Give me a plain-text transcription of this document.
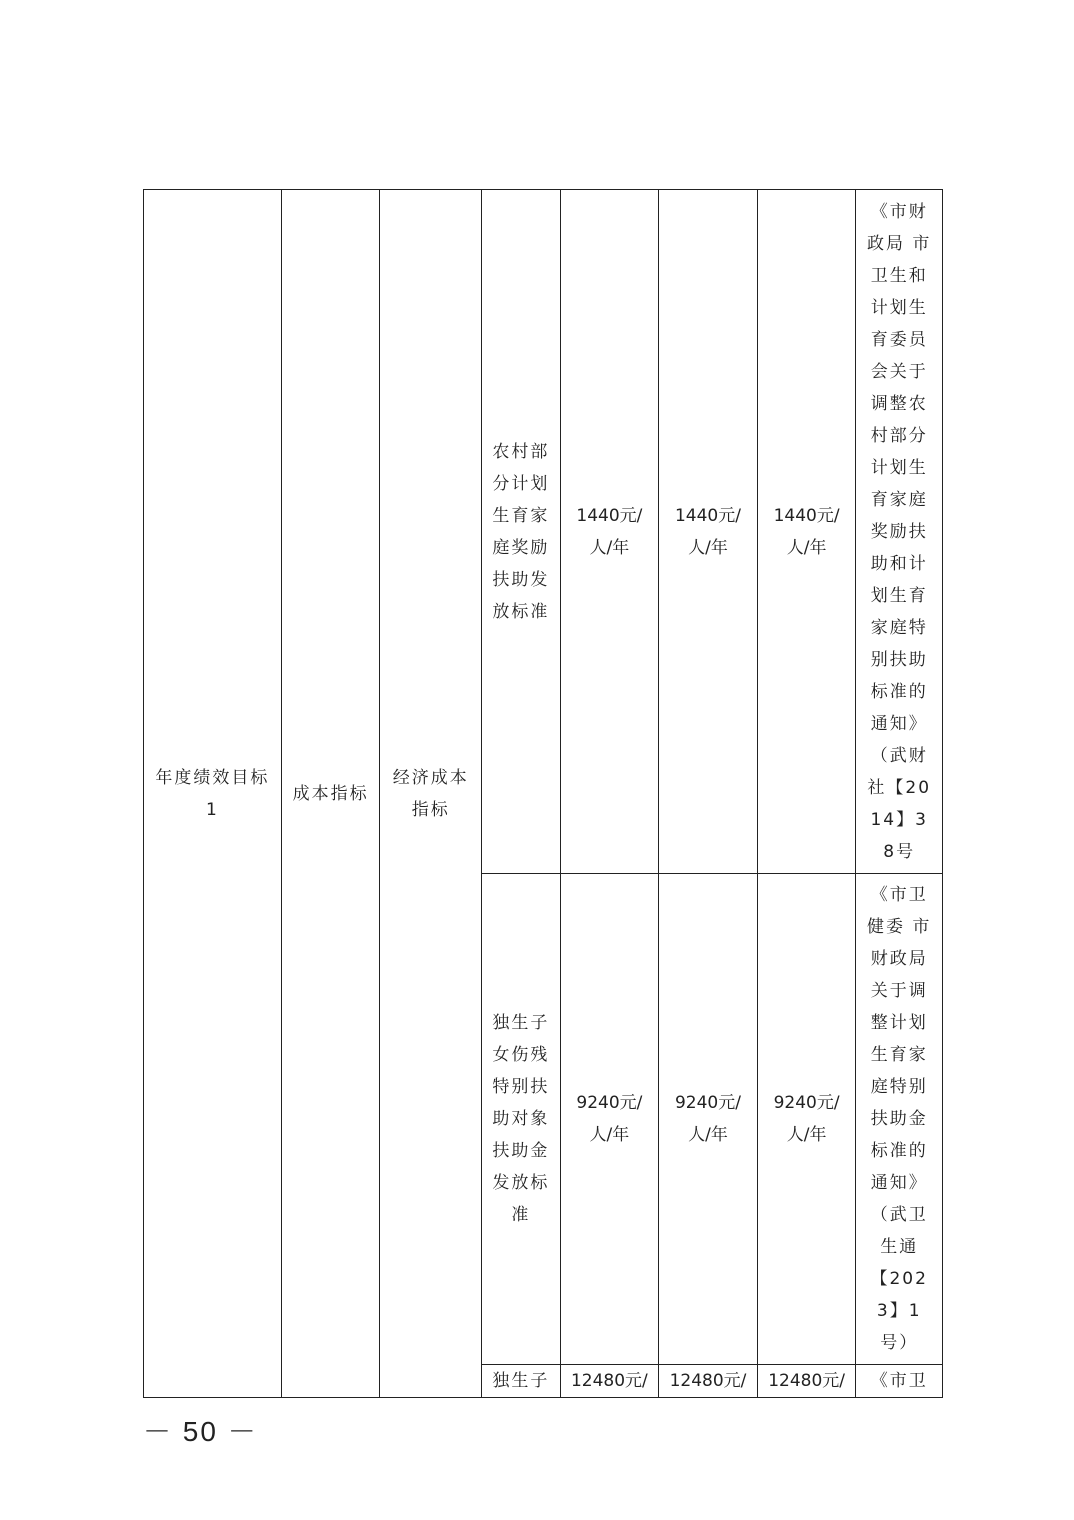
年度绩效目标1	成本指标	经济成本指标	农村部分计划生育家庭奖励扶助发放标准	1440元/人/年	1440元/人/年	1440元/人/年	《市财政局 市卫生和计划生育委员会关于调整农村部分计划生育家庭奖励扶助和计划生育家庭特别扶助标准的通知》（武财社【2014】38号

			独生子女伤残特别扶助对象扶助金发放标准	9240元/人/年	9240元/人/年	9240元/人/年	《市卫健委 市财政局关于调整计划生育家庭特别扶助金标准的通知》（武卫生通【2023】1号）

			独生子	12480元/	12480元/	12480元/	《市卫
－ 50 －
